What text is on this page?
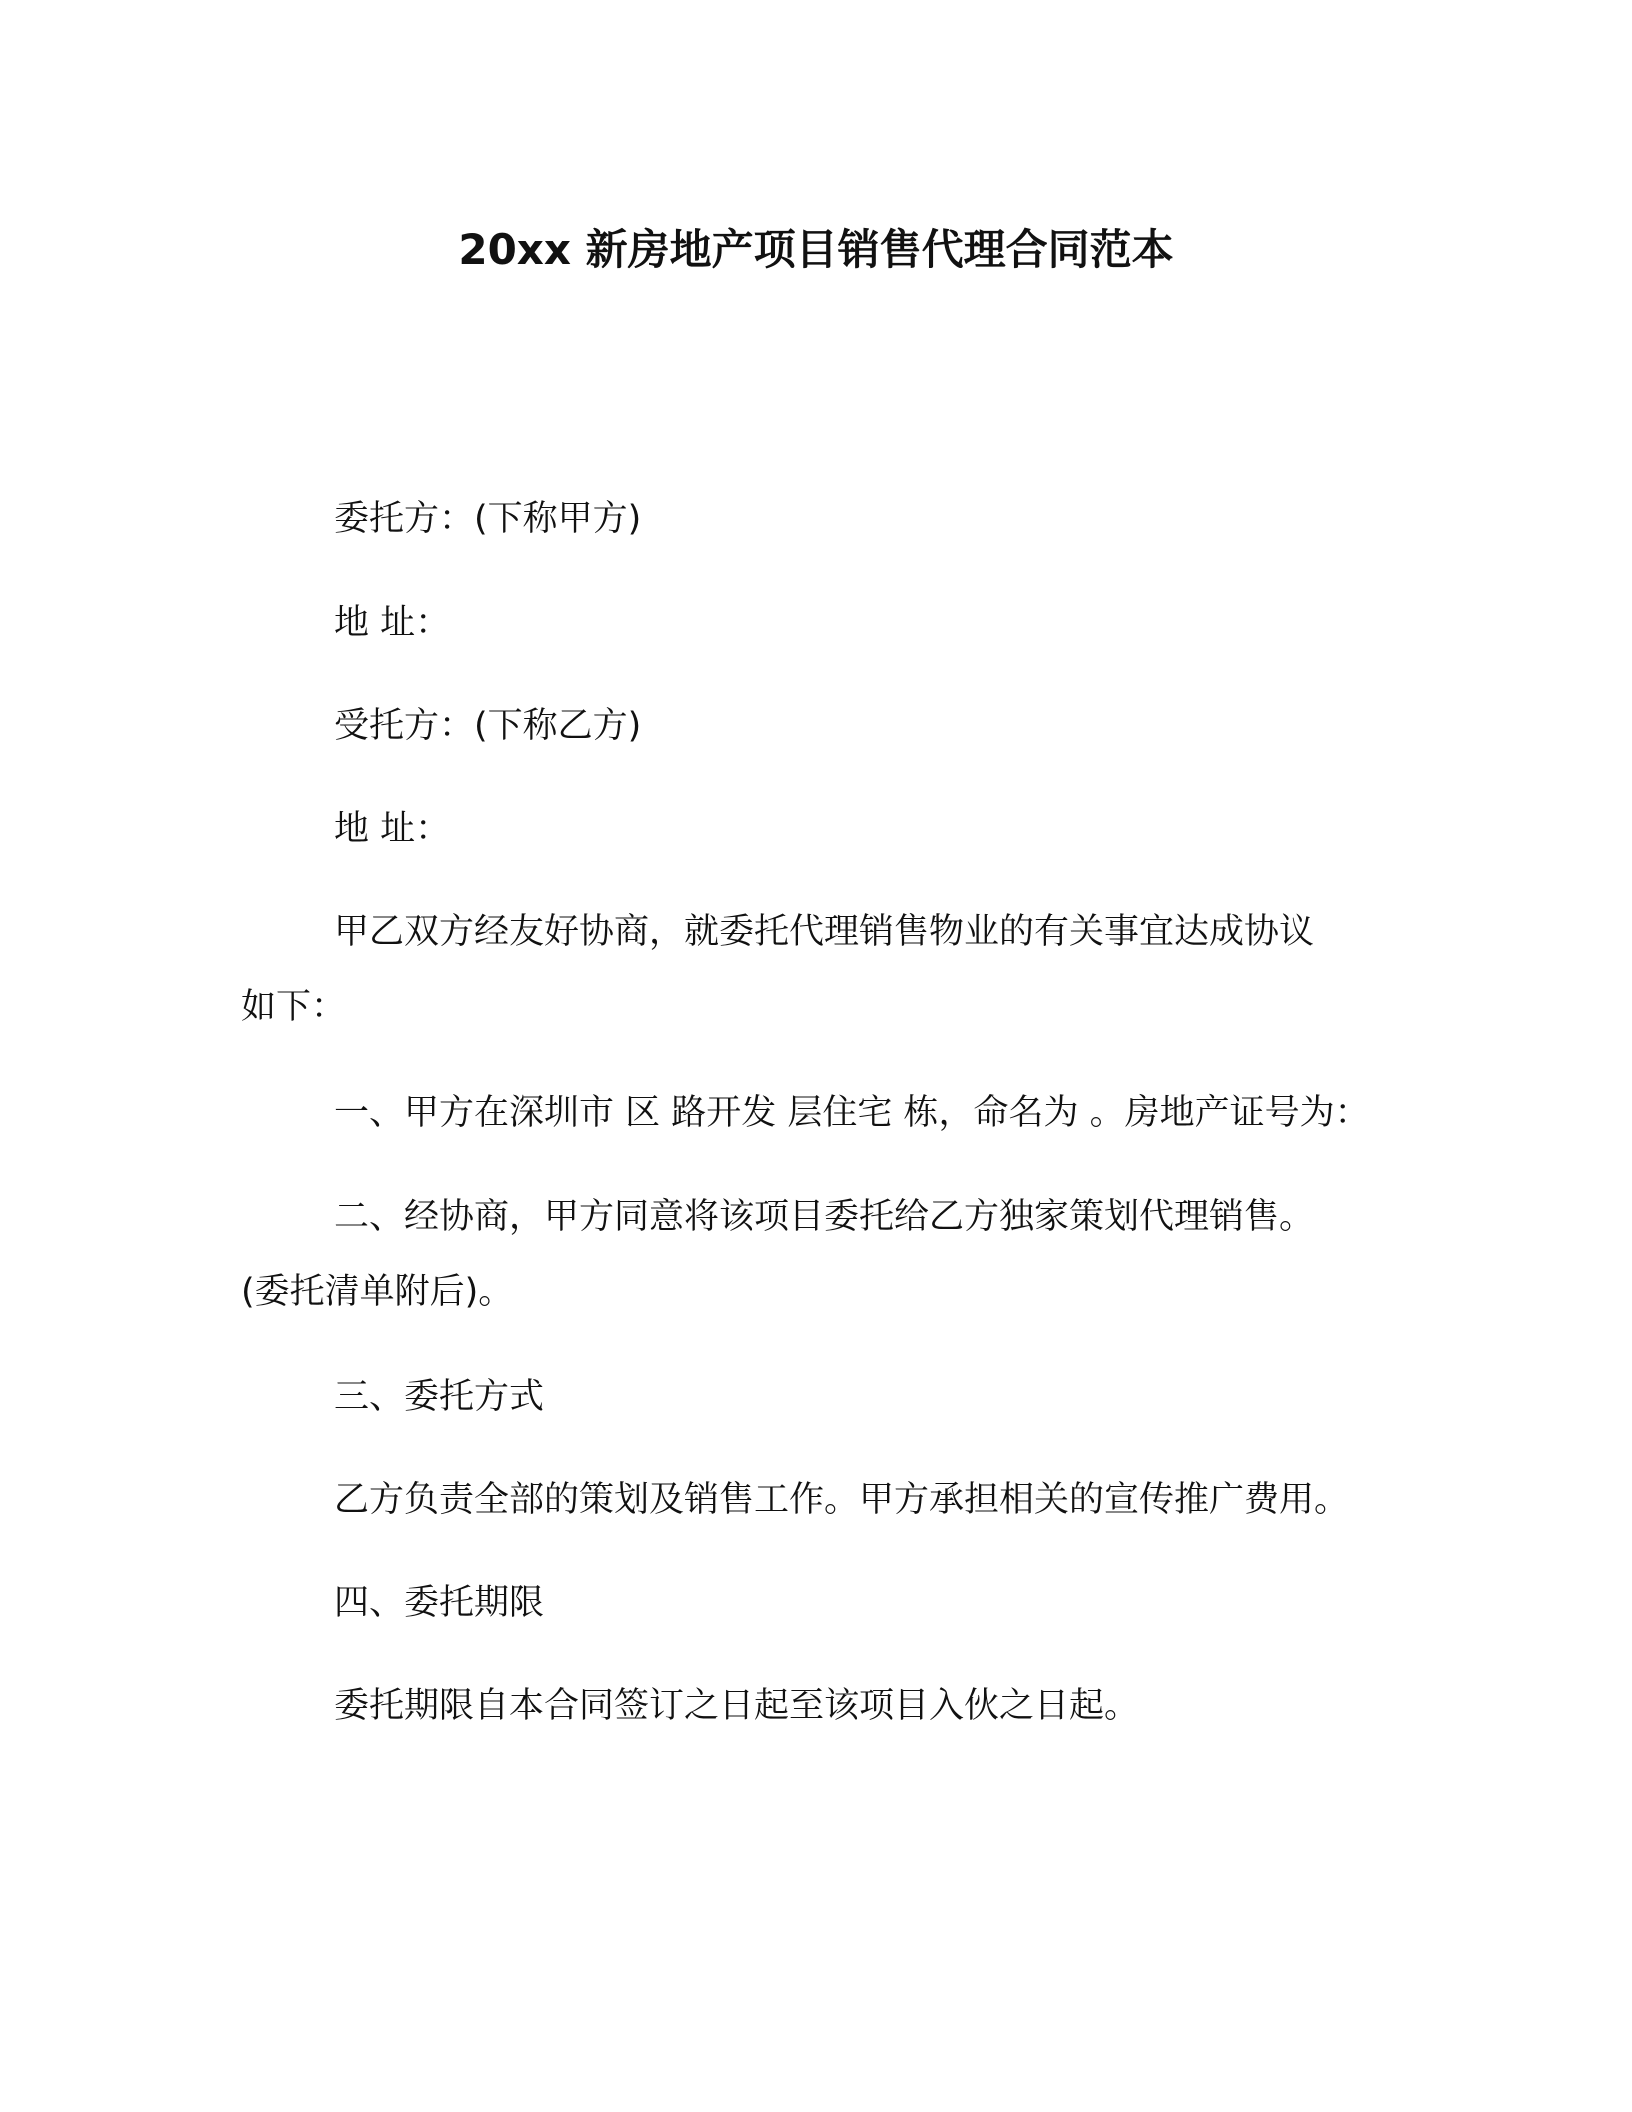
20xx 新房地产项目销售代理合同范本
委托方：(下称甲方)
地 址：
受托方：(下称乙方)
地 址：
甲乙双方经友好协商，就委托代理销售物业的有关事宜达成协议
如下：
一、甲方在深圳市 区 路开发 层住宅 栋，命名为 。房地产证号为：
二、经协商，甲方同意将该项目委托给乙方独家策划代理销售。
(委托清单附后)。
三、委托方式
乙方负责全部的策划及销售工作。甲方承担相关的宣传推广费用。
四、委托期限
委托期限自本合同签订之日起至该项目入伙之日起。
